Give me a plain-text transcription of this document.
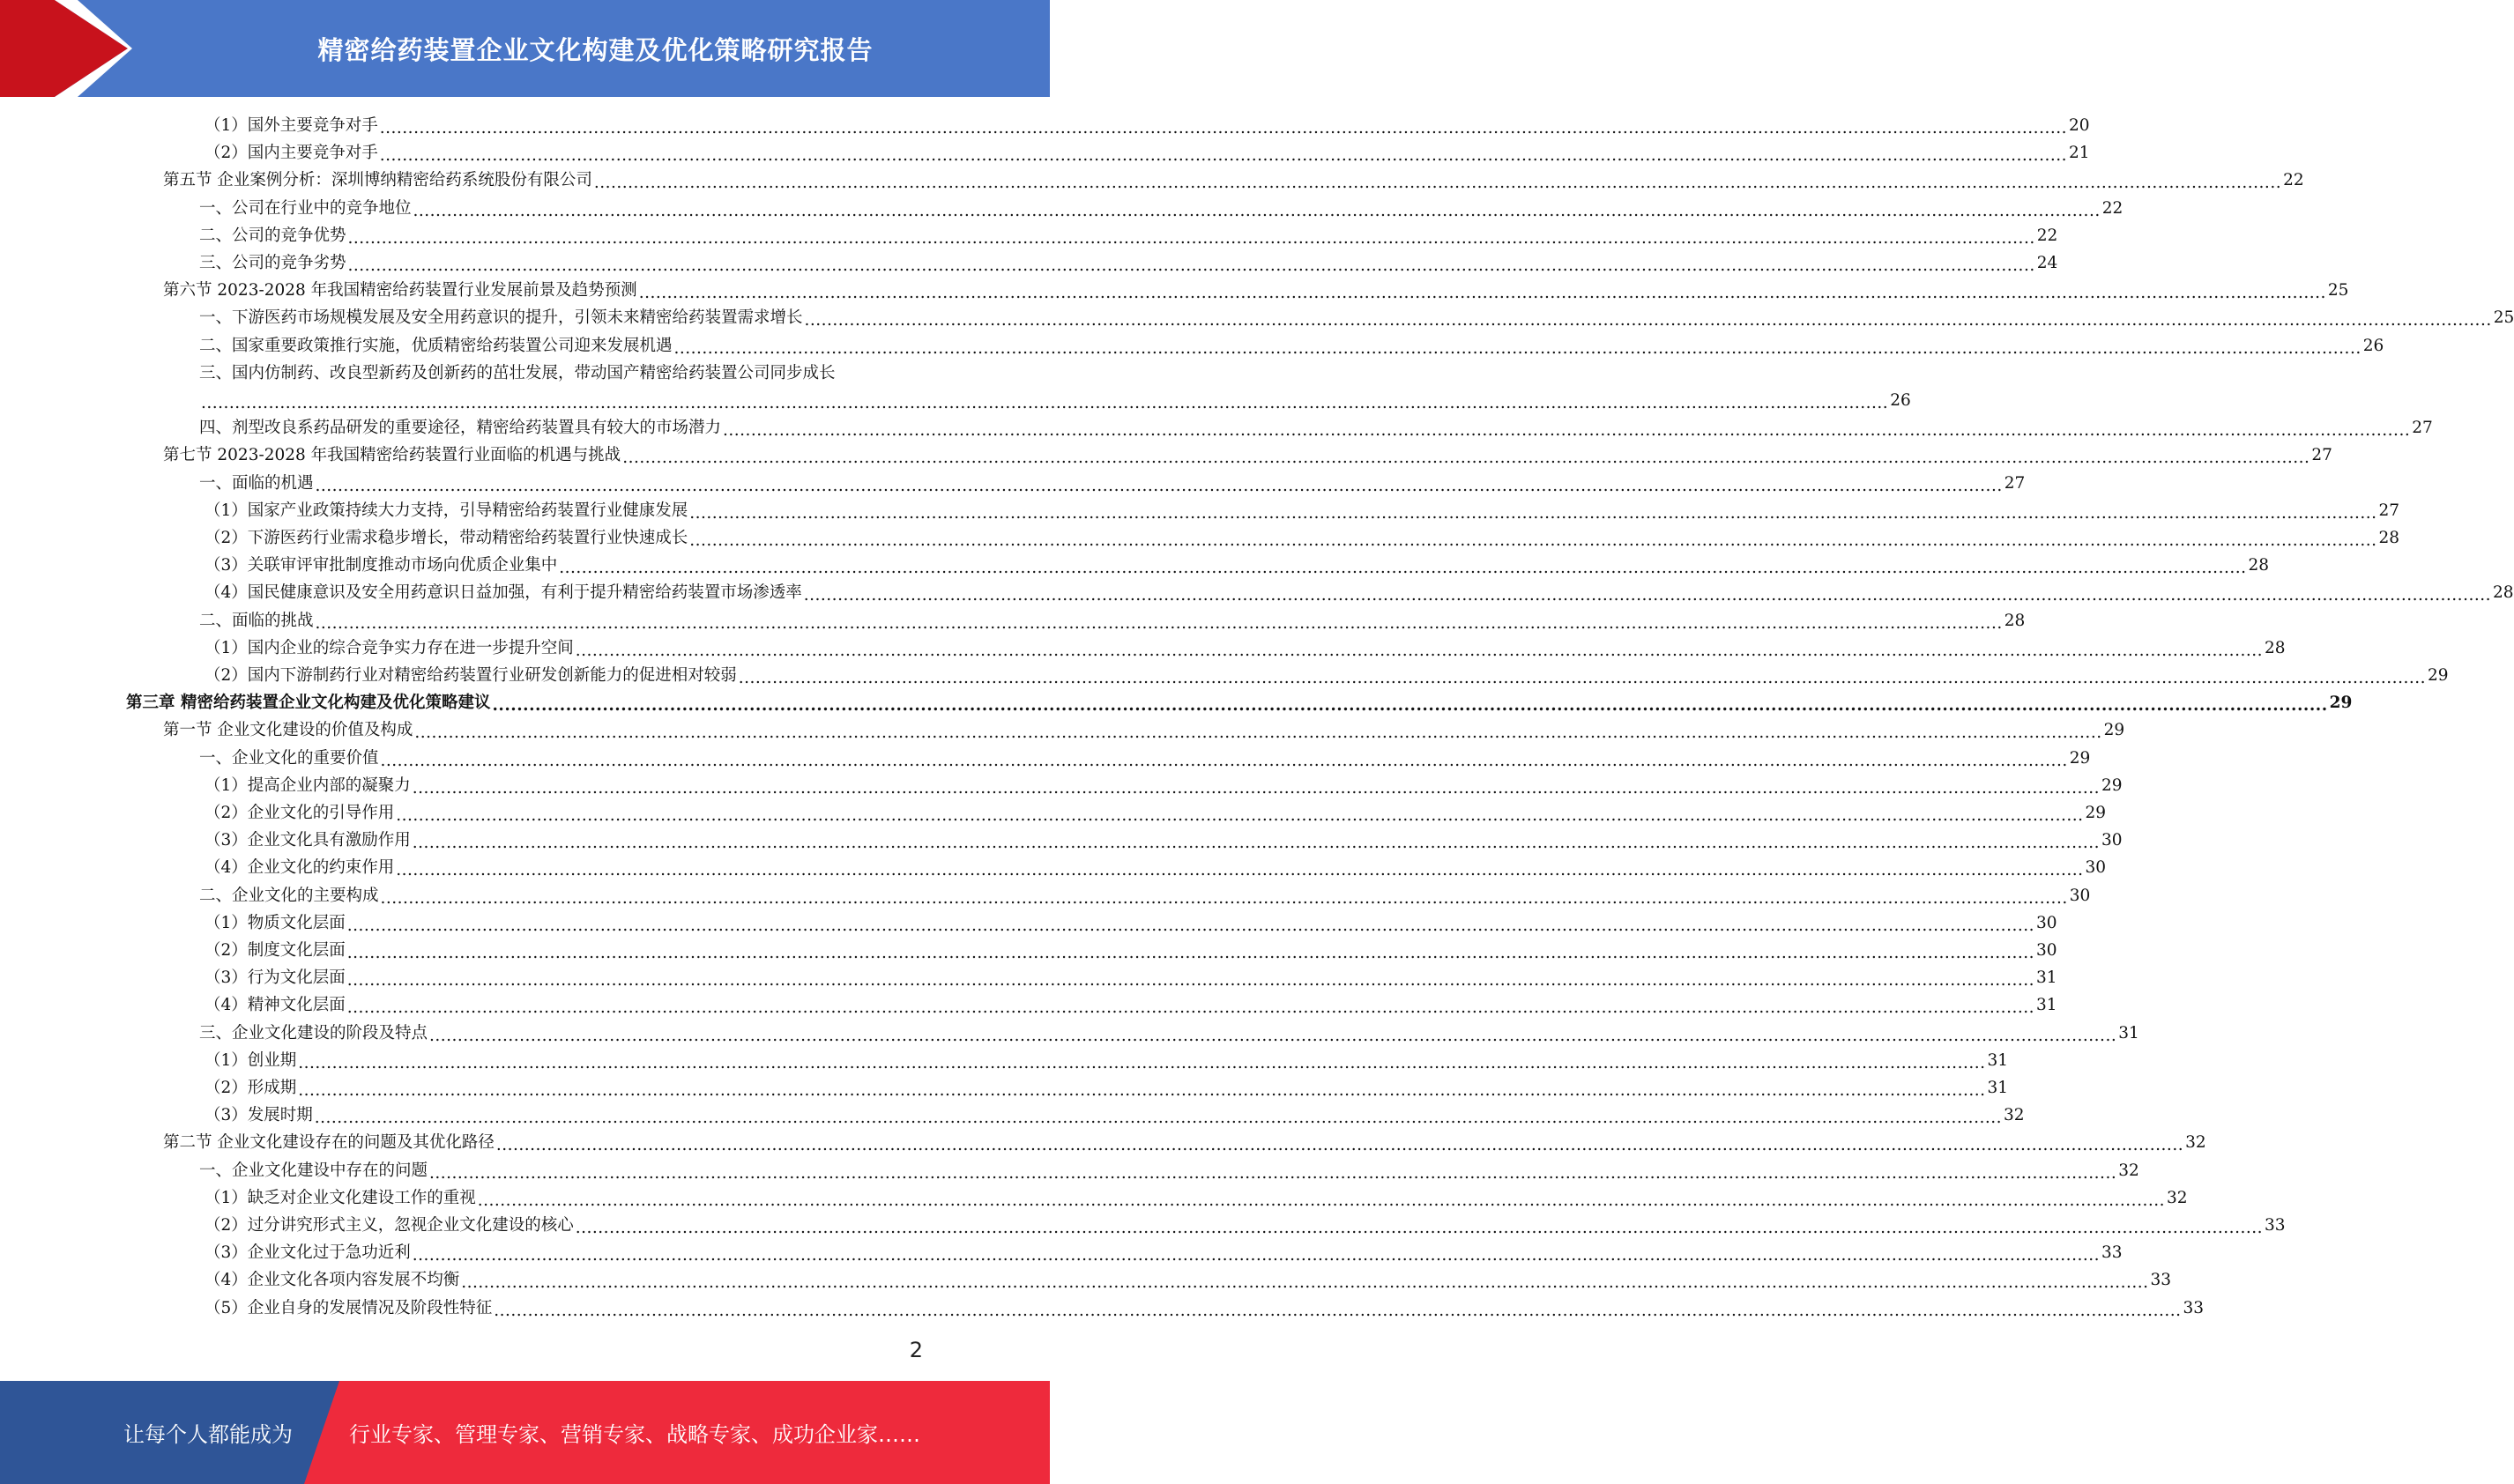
精密给药装置企业文化构建及优化策略研究报告
（1）国外主要竞争对手 ............................................................................................................................................................................................................................................................................................................ 20
（2）国内主要竞争对手 ............................................................................................................................................................................................................................................................................................................ 21
第五节 企业案例分析：深圳博纳精密给药系统股份有限公司 ............................................................................................................................................................................................................................................................................................................ 22
一、公司在行业中的竞争地位 ............................................................................................................................................................................................................................................................................................................ 22
二、公司的竞争优势 ............................................................................................................................................................................................................................................................................................................ 22
三、公司的竞争劣势 ............................................................................................................................................................................................................................................................................................................ 24
第六节 2023-2028 年我国精密给药装置行业发展前景及趋势预测 ............................................................................................................................................................................................................................................................................................................ 25
一、下游医药市场规模发展及安全用药意识的提升，引领未来精密给药装置需求增长 ............................................................................................................................................................................................................................................................................................................ 25
二、国家重要政策推行实施，优质精密给药装置公司迎来发展机遇 ............................................................................................................................................................................................................................................................................................................ 26
三、国内仿制药、改良型新药及创新药的茁壮发展，带动国产精密给药装置公司同步成长
............................................................................................................................................................................................................................................................................................................ 26
四、剂型改良系药品研发的重要途径，精密给药装置具有较大的市场潜力 ............................................................................................................................................................................................................................................................................................................ 27
第七节 2023-2028 年我国精密给药装置行业面临的机遇与挑战 ............................................................................................................................................................................................................................................................................................................ 27
一、面临的机遇 ............................................................................................................................................................................................................................................................................................................ 27
（1）国家产业政策持续大力支持，引导精密给药装置行业健康发展 ............................................................................................................................................................................................................................................................................................................ 27
（2）下游医药行业需求稳步增长，带动精密给药装置行业快速成长 ............................................................................................................................................................................................................................................................................................................ 28
（3）关联审评审批制度推动市场向优质企业集中 ............................................................................................................................................................................................................................................................................................................ 28
（4）国民健康意识及安全用药意识日益加强，有利于提升精密给药装置市场渗透率 ............................................................................................................................................................................................................................................................................................................ 28
二、面临的挑战 ............................................................................................................................................................................................................................................................................................................ 28
（1）国内企业的综合竞争实力存在进一步提升空间 ............................................................................................................................................................................................................................................................................................................ 28
（2）国内下游制药行业对精密给药装置行业研发创新能力的促进相对较弱 ............................................................................................................................................................................................................................................................................................................ 29
第三章 精密给药装置企业文化构建及优化策略建议 ............................................................................................................................................................................................................................................................................................................ 29
第一节 企业文化建设的价值及构成 ............................................................................................................................................................................................................................................................................................................ 29
一、企业文化的重要价值 ............................................................................................................................................................................................................................................................................................................ 29
（1）提高企业内部的凝聚力 ............................................................................................................................................................................................................................................................................................................ 29
（2）企业文化的引导作用 ............................................................................................................................................................................................................................................................................................................ 29
（3）企业文化具有激励作用 ............................................................................................................................................................................................................................................................................................................ 30
（4）企业文化的约束作用 ............................................................................................................................................................................................................................................................................................................ 30
二、企业文化的主要构成 ............................................................................................................................................................................................................................................................................................................ 30
（1）物质文化层面 ............................................................................................................................................................................................................................................................................................................ 30
（2）制度文化层面 ............................................................................................................................................................................................................................................................................................................ 30
（3）行为文化层面 ............................................................................................................................................................................................................................................................................................................ 31
（4）精神文化层面 ............................................................................................................................................................................................................................................................................................................ 31
三、企业文化建设的阶段及特点 ............................................................................................................................................................................................................................................................................................................ 31
（1）创业期 ............................................................................................................................................................................................................................................................................................................ 31
（2）形成期 ............................................................................................................................................................................................................................................................................................................ 31
（3）发展时期 ............................................................................................................................................................................................................................................................................................................ 32
第二节 企业文化建设存在的问题及其优化路径 ............................................................................................................................................................................................................................................................................................................ 32
一、企业文化建设中存在的问题 ............................................................................................................................................................................................................................................................................................................ 32
（1）缺乏对企业文化建设工作的重视 ............................................................................................................................................................................................................................................................................................................ 32
（2）过分讲究形式主义，忽视企业文化建设的核心 ............................................................................................................................................................................................................................................................................................................ 33
（3）企业文化过于急功近利 ............................................................................................................................................................................................................................................................................................................ 33
（4）企业文化各项内容发展不均衡 ............................................................................................................................................................................................................................................................................................................ 33
（5）企业自身的发展情况及阶段性特征 ............................................................................................................................................................................................................................................................................................................ 33
2
让每个人都能成为	行业专家、管理专家、营销专家、战略专家、成功企业家……
